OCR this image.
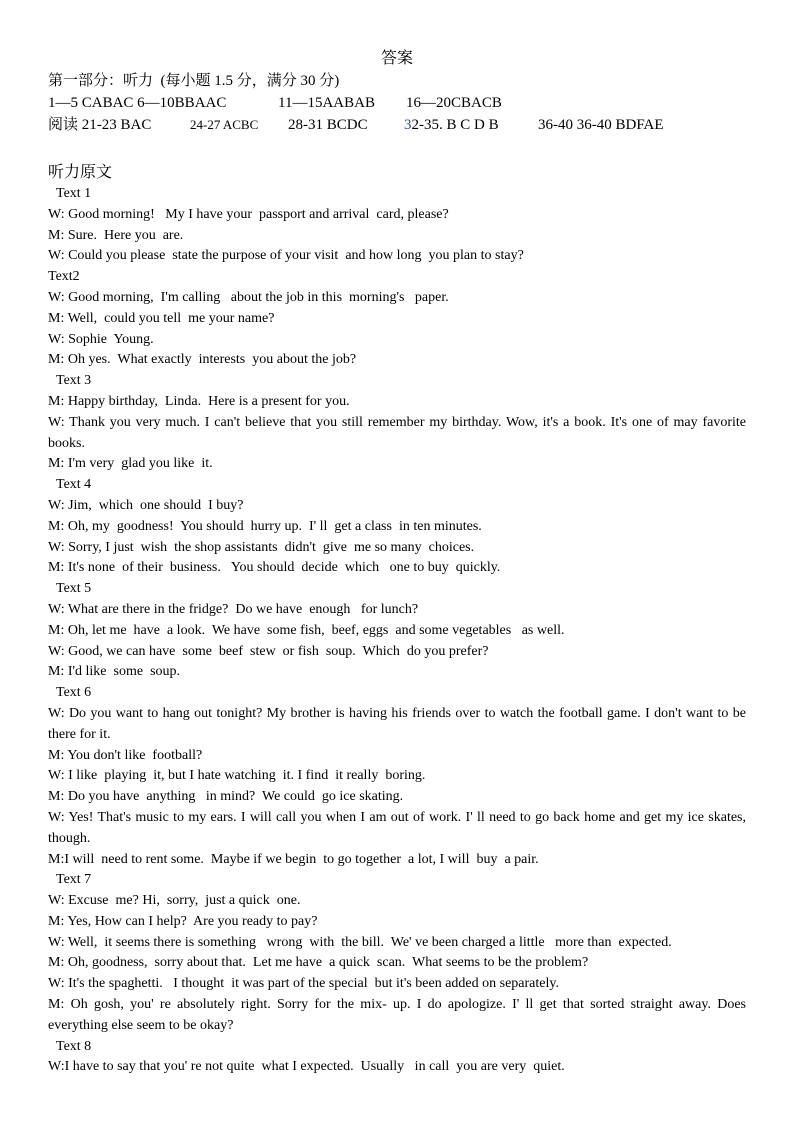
答案
第一部分：听力  (每小题 1.5 分，满分 30 分)
1—5 CABAC 6—10BBAAC	11—15AABAB 16—20CBACB
阅读 21-23 BAC	24-27 ACBC 28-31 BCDC 32-35. B C D B	36-40 36-40 BDFAE
听力原文
Text 1
W: Good morning!   My I have your  passport and arrival  card, please?
M: Sure.  Here you  are.
W: Could you please  state the purpose of your visit  and how long  you plan to stay?
Text2
W: Good morning,  I'm calling   about the job in this  morning's   paper.
M: Well,  could you tell  me your name?
W: Sophie  Young.
M: Oh yes.  What exactly  interests  you about the job?
Text 3
M: Happy birthday,  Linda.  Here is a present for you.
W: Thank you very much. I can't believe that you still remember my birthday. Wow, it's a book. It's one of may favorite books.
M: I'm very  glad you like  it.
Text 4
W: Jim,  which  one should  I buy?
M: Oh, my  goodness!  You should  hurry up.  I' ll  get a class  in ten minutes.
W: Sorry, I just  wish  the shop assistants  didn't  give  me so many  choices.
M: It's none  of their  business.   You should  decide  which   one to buy  quickly.
Text 5
W: What are there in the fridge?  Do we have  enough   for lunch?
M: Oh, let me  have  a look.  We have  some fish,  beef, eggs  and some vegetables   as well.
W: Good, we can have  some  beef  stew  or fish  soup.  Which  do you prefer?
M: I'd like  some  soup.
Text 6
W: Do you want to hang out tonight? My brother is having his friends over to watch the football game. I don't want to be there for it.
M: You don't like  football?
W: I like  playing  it, but I hate watching  it. I find  it really  boring.
M: Do you have  anything   in mind?  We could  go ice skating.
W: Yes! That's music to my ears. I will call you when I am out of work. I' ll need to go back home and get my ice skates, though.
M:I will  need to rent some.  Maybe if we begin  to go together  a lot, I will  buy  a pair.
Text 7
W: Excuse  me? Hi,  sorry,  just a quick  one.
M: Yes, How can I help?  Are you ready to pay?
W: Well,  it seems there is something   wrong  with  the bill.  We' ve been charged a little   more than  expected.
M: Oh, goodness,  sorry about that.  Let me have  a quick  scan.  What seems to be the problem?
W: It's the spaghetti.   I thought  it was part of the special  but it's been added on separately.
M: Oh gosh, you' re absolutely right. Sorry for the mix- up. I do apologize. I' ll get that sorted straight away. Does everything else seem to be okay?
Text 8
W:I have to say that you' re not quite  what I expected.  Usually   in call  you are very  quiet.
